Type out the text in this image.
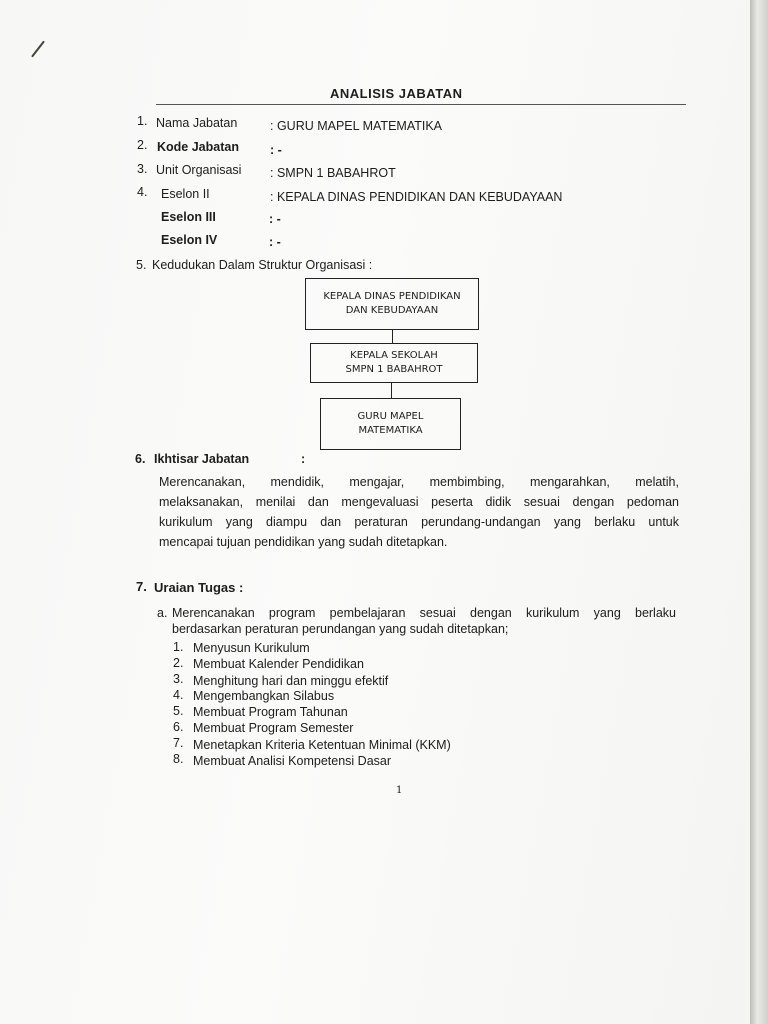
ANALISIS JABATAN
1. Nama Jabatan	: GURU MAPEL MATEMATIKA
2. Kode Jabatan : -
3. Unit Organisasi : SMPN 1 BABAHROT
4. Eselon II	: KEPALA DINAS PENDIDIKAN DAN KEBUDAYAAN
Eselon III	: -
Eselon IV	: -
5. Kedudukan Dalam Struktur Organisasi :
KEPALA DINAS PENDIDIKAN
DAN KEBUDAYAAN
KEPALA SEKOLAH
SMPN 1 BABAHROT
GURU MAPEL
MATEMATIKA
6. Ikhtisar Jabatan	:
Merencanakan, mendidik, mengajar, membimbing, mengarahkan, melatih,
melaksanakan, menilai dan mengevaluasi peserta didik sesuai dengan pedoman
kurikulum yang diampu dan peraturan perundang-undangan yang berlaku untuk
mencapai tujuan pendidikan yang sudah ditetapkan.
7. Uraian Tugas :
a. Merencanakan program pembelajaran sesuai dengan kurikulum yang berlaku
berdasarkan peraturan perundangan yang sudah ditetapkan;
1. Menyusun Kurikulum
2. Membuat Kalender Pendidikan
3. Menghitung hari dan minggu efektif
4. Mengembangkan Silabus
5. Membuat Program Tahunan
6. Membuat Program Semester
7. Menetapkan Kriteria Ketentuan Minimal (KKM)
8. Membuat Analisi Kompetensi Dasar
1
